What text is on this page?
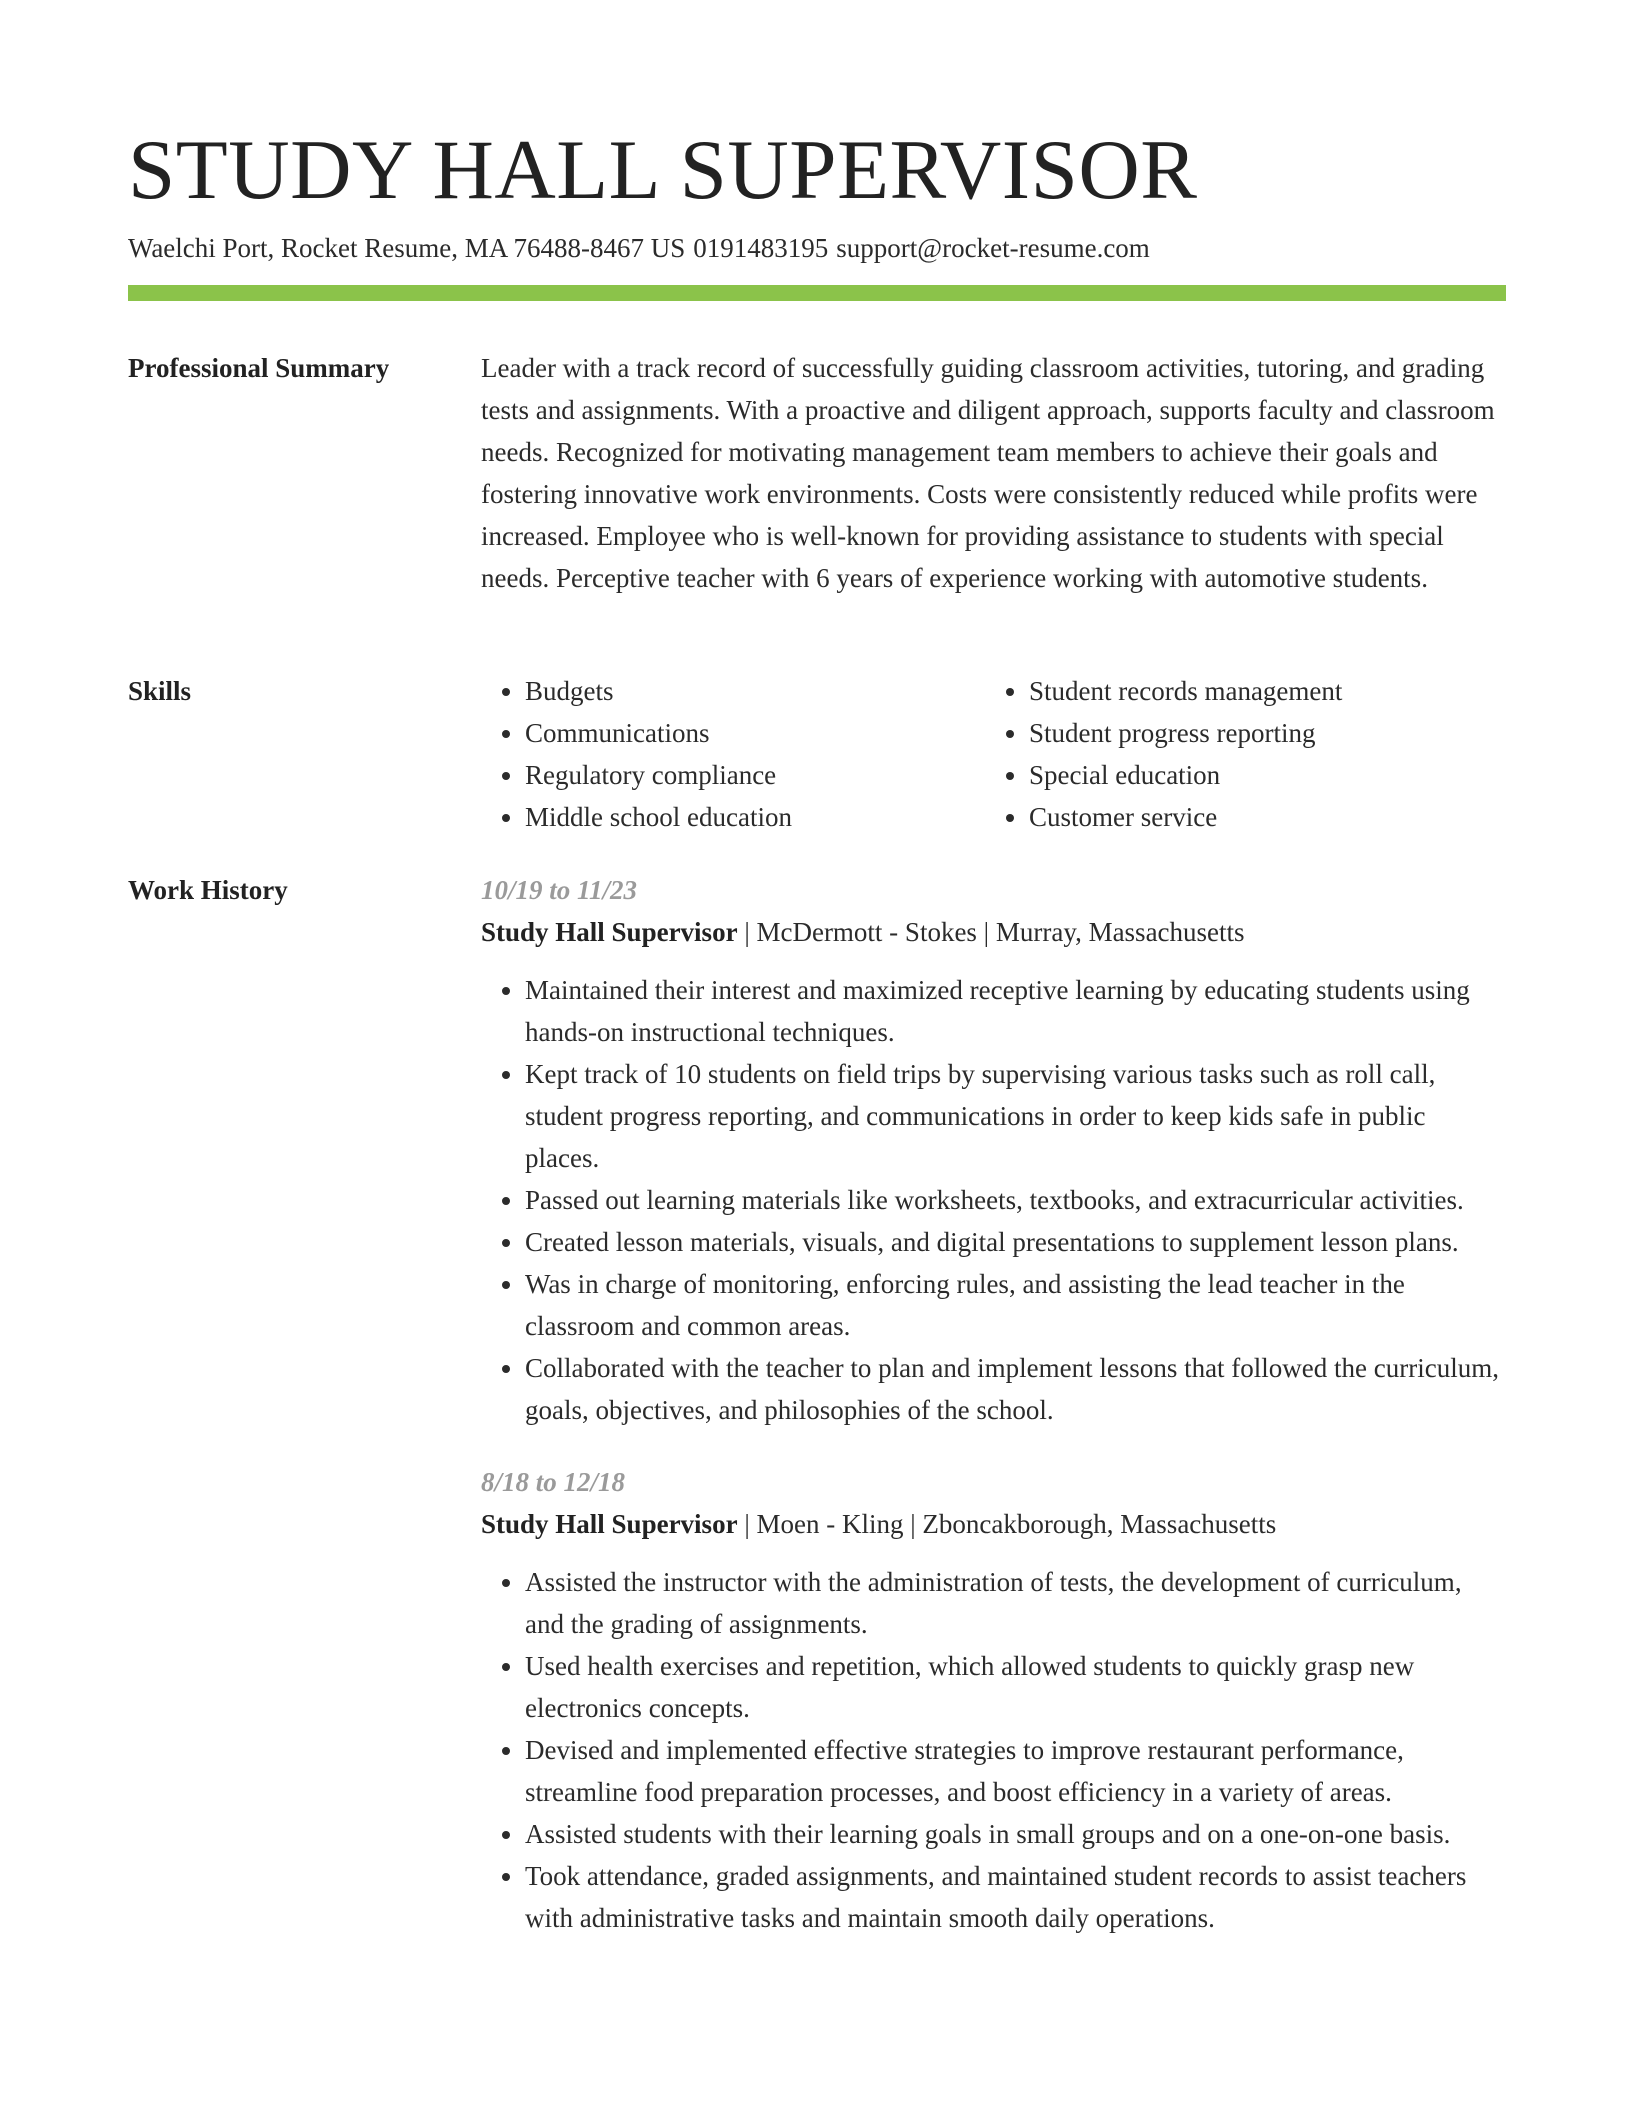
STUDY HALL SUPERVISOR
Waelchi Port, Rocket Resume, MA 76488-8467 US 0191483195 support@rocket-resume.com
Professional Summary	Leader with a track record of successfully guiding classroom activities, tutoring, and grading tests and assignments. With a proactive and diligent approach, supports faculty and classroom needs. Recognized for motivating management team members to achieve their goals and fostering innovative work environments. Costs were consistently reduced while profits were increased. Employee who is well-known for providing assistance to students with special needs. Perceptive teacher with 6 years of experience working with automotive students.

Skills
•	Budgets
• Communications
• Regulatory compliance
• Middle school education
• Student records management
• Student progress reporting
• Special education
• Customer service
Work History	10/19 to 11/23
Study Hall Supervisor | McDermott - Stokes | Murray, Massachusetts
• Maintained their interest and maximized receptive learning by educating students using hands-on instructional techniques.
• Kept track of 10 students on field trips by supervising various tasks such as roll call, student progress reporting, and communications in order to keep kids safe in public places.
• Passed out learning materials like worksheets, textbooks, and extracurricular activities.
• Created lesson materials, visuals, and digital presentations to supplement lesson plans.
• Was in charge of monitoring, enforcing rules, and assisting the lead teacher in the classroom and common areas.
• Collaborated with the teacher to plan and implement lessons that followed the curriculum, goals, objectives, and philosophies of the school.
8/18 to 12/18
Study Hall Supervisor | Moen - Kling | Zboncakborough, Massachusetts
• Assisted the instructor with the administration of tests, the development of curriculum, and the grading of assignments.
• Used health exercises and repetition, which allowed students to quickly grasp new electronics concepts.
• Devised and implemented effective strategies to improve restaurant performance, streamline food preparation processes, and boost efficiency in a variety of areas.
• Assisted students with their learning goals in small groups and on a one-on-one basis.
• Took attendance, graded assignments, and maintained student records to assist teachers with administrative tasks and maintain smooth daily operations.
